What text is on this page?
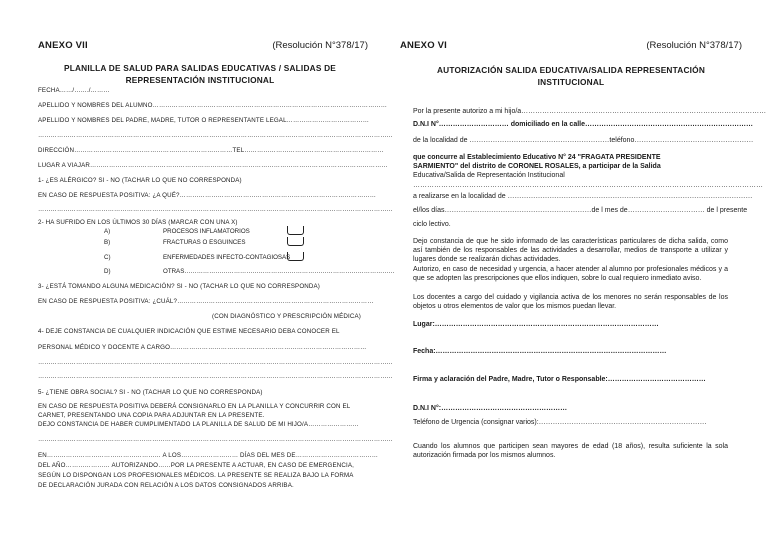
ANEXO VII	(Resolución N°378/17)
PLANILLA DE SALUD PARA SALIDAS EDUCATIVAS / SALIDAS DE
REPRESENTACIÓN INSTITUCIONAL
FECHA……/……./………
APELLIDO Y NOMBRES DEL ALUMNO…………………………………………………………………………………………………
APELLIDO Y NOMBRES DEL PADRE, MADRE, TUTOR O REPRESENTANTE LEGAL…………………………………
……………………………………………………………………………………………………………………………………………………
DIRECCIÓN…………………………………………………………………TEL…………………………………………………………
LUGAR A VIAJAR……………………………………………………………………………………………………………………………
1- ¿ES ALÉRGICO? SI - NO (TACHAR LO QUE NO CORRESPONDA)
EN CASO DE RESPUESTA POSITIVA: ¿A QUÉ?…………………………………………………………………………………
……………………………………………………………………………………………………………………………………………………
2- HA SUFRIDO EN LOS ÚLTIMOS 30 DÍAS (MARCAR CON UNA X)
A)	PROCESOS INFLAMATORIOS
B)	FRACTURAS O ESGUINCES
C)	ENFERMEDADES INFECTO-CONTAGIOSAS
D)	OTRAS…………………………………………………………………………………………
3- ¿ESTÁ TOMANDO ALGUNA MEDICACIÓN? SI - NO (TACHAR LO QUE NO CORRESPONDA)
EN CASO DE RESPUESTA POSITIVA: ¿CUÁL?…………………………………………………………………………………
(CON DIAGNÓSTICO Y PRESCRIPCIÓN MÉDICA)
4- DEJE CONSTANCIA DE CUALQUIER INDICACIÓN QUE ESTIME NECESARIO DEBA CONOCER EL
PERSONAL MÉDICO Y DOCENTE A CARGO…………………………………………………………………………………
……………………………………………………………………………………………………………………………………………………
……………………………………………………………………………………………………………………………………………………
5- ¿TIENE OBRA SOCIAL? SI - NO (TACHAR LO QUE NO CORRESPONDA)
EN CASO DE RESPUESTA POSITIVA DEBERÁ CONSIGNARLO EN LA PLANILLA Y CONCURRIR CON EL
CARNET, PRESENTANDO UNA COPIA PARA ADJUNTAR EN LA PRESENTE.
DEJO CONSTANCIA DE HABER CUMPLIMENTADO LA PLANILLA DE SALUD DE MI HIJO/A……………………
……………………………………………………………………………………………………………………………………………………
EN……………………………………………… A LOS……………………… DÍAS DEL MES DE…………………………………
DEL AÑO………………… AUTORIZANDO……POR LA PRESENTE A ACTUAR, EN CASO DE EMERGENCIA,
SEGÚN LO DISPONGAN LOS PROFESIONALES MÉDICOS. LA PRESENTE SE REALIZA BAJO LA FORMA
DE DECLARACIÓN JURADA CON RELACIÓN A LOS DATOS CONSIGNADOS ARRIBA.
ANEXO VI	(Resolución N°378/17)
AUTORIZACIÓN SALIDA EDUCATIVA/SALIDA REPRESENTACIÓN
INSTITUCIONAL
Por la presente autorizo a mi hijo/a……………………………………………………………………………………………
D.N.I N°………………………… domiciliado en la calle………………………………………………………………
de la localidad de ……………………………………………………teléfono……………………………………………
que concurre al Establecimiento Educativo N° 24 "FRAGATA PRESIDENTE
SARMIENTO" del distrito de CORONEL ROSALES, a participar de la Salida
Educativa/Salida de Representación Institucional
……………………………………………………………………………………………………………………………………
a realizarse en la localidad de ……………………………………………………………………………………………
el/los días………………………………………………………de l mes de…………………………… de l presente
ciclo lectivo.
Dejo constancia de que he sido informado de las características particulares de dicha salida, como así también de los responsables de las actividades a desarrollar, medios de transporte a utilizar y lugares donde se realizarán dichas actividades.
Autorizo, en caso de necesidad y urgencia, a hacer atender al alumno por profesionales médicos y a que se adopten las prescripciones que ellos indiquen, sobre lo cual requiero inmediato aviso.
Los docentes a cargo del cuidado y vigilancia activa de los menores no serán responsables de los objetos u otros elementos de valor que los mismos puedan llevar.
Lugar:……………………………………………………………………………………
Fecha:………………………………………………………………………………………
Firma y aclaración del Padre, Madre, Tutor o Responsable:……………………………………
D.N.I N°:………………………………………………
Teléfono de Urgencia (consignar varios):………………………………………………………………
Cuando los alumnos que participen sean mayores de edad (18 años), resulta suficiente la sola autorización firmada por los mismos alumnos.
